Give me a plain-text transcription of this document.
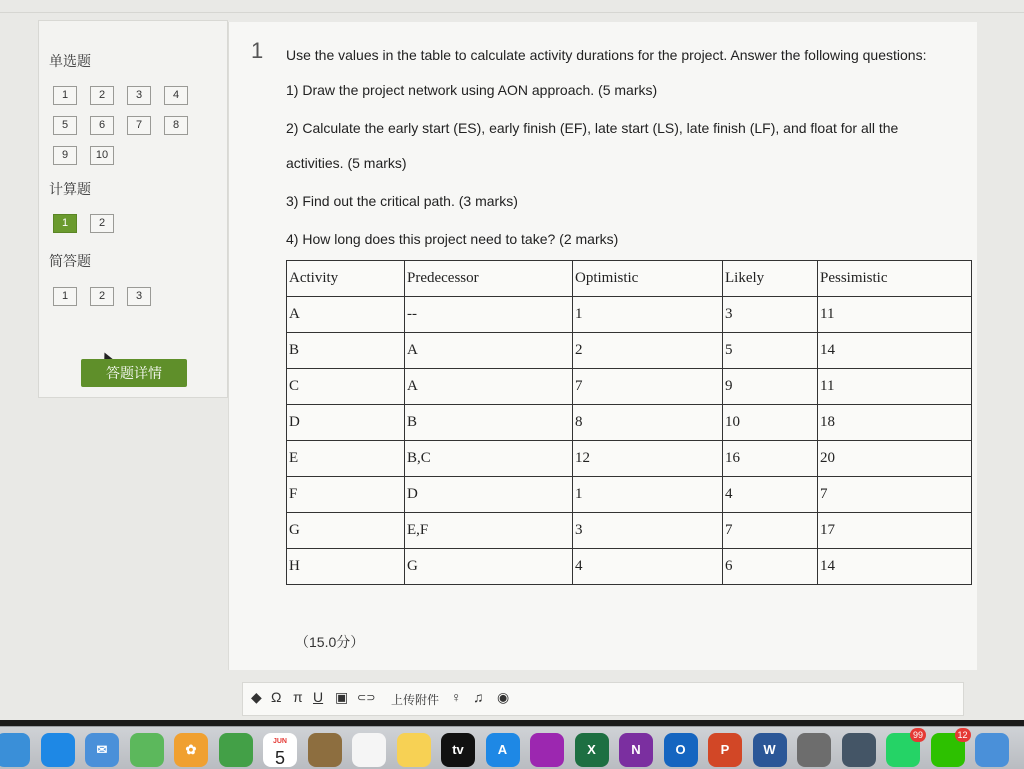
单选题
1	2	3	4
5	6	7	8
9	10
计算题
1	2
简答题
1	2	3
答题详情
1 Use the values in the table to calculate activity durations for the project. Answer the following questions:
1) Draw the project network using AON approach. (5 marks)
2) Calculate the early start (ES), early finish (EF), late start (LS), late finish (LF), and float for all the
activities. (5 marks)
3) Find out the critical path. (3 marks)
4) How long does this project need to take? (2 marks)
Activity	Predecessor	Optimistic	Likely	Pessimistic
A	--	1	3	11
B	A	2	5	14
C	A	7	9	11
D	B	8	10	18
E	B,C	12	16	20
F	D	1	4	7
G	E,F	3	7	17
H	G	4	6	14
（15.0分）
◆ Ω π U ▣ ⊂⊃ 上传附件 ♀ ♫ ◉
✉	✿
JUN
5	tv	A	X	N	O	P	W
99	12
